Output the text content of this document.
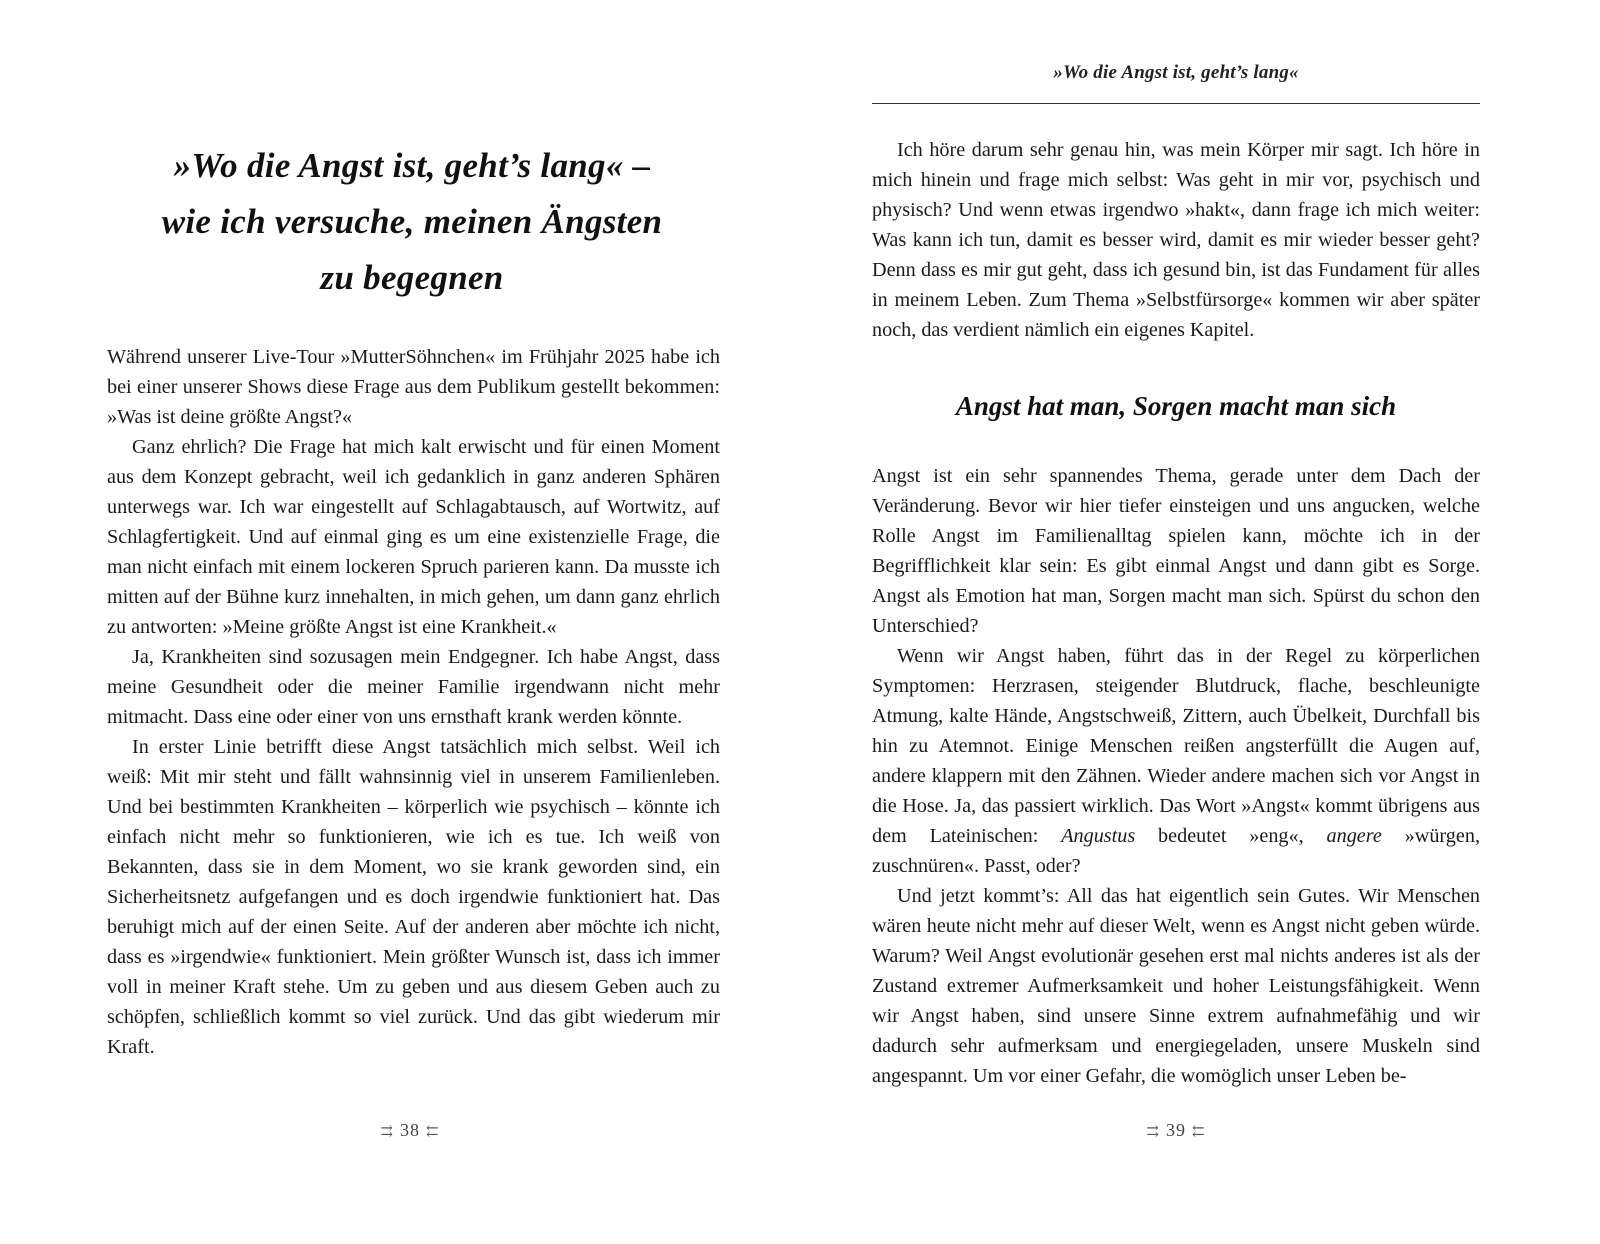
»Wo die Angst ist, geht’s lang« –
wie ich versuche, meinen Ängsten
zu begegnen

Während unserer Live-Tour »MutterSöhnchen« im Frühjahr 2025 habe ich bei einer unserer Shows diese Frage aus dem Publikum gestellt bekommen: »Was ist deine größte Angst?«

Ganz ehrlich? Die Frage hat mich kalt erwischt und für einen Moment aus dem Konzept gebracht, weil ich gedanklich in ganz anderen Sphären unterwegs war. Ich war eingestellt auf Schlagabtausch, auf Wortwitz, auf Schlagfertigkeit. Und auf einmal ging es um eine existenzielle Frage, die man nicht einfach mit einem lockeren Spruch parieren kann. Da musste ich mitten auf der Bühne kurz innehalten, in mich gehen, um dann ganz ehrlich zu antworten: »Meine größte Angst ist eine Krankheit.«

Ja, Krankheiten sind sozusagen mein Endgegner. Ich habe Angst, dass meine Gesundheit oder die meiner Familie irgendwann nicht mehr mitmacht. Dass eine oder einer von uns ernsthaft krank werden könnte.

In erster Linie betrifft diese Angst tatsächlich mich selbst. Weil ich weiß: Mit mir steht und fällt wahnsinnig viel in unserem Familienleben. Und bei bestimmten Krankheiten – körperlich wie psychisch – könnte ich einfach nicht mehr so funktionieren, wie ich es tue. Ich weiß von Bekannten, dass sie in dem Moment, wo sie krank geworden sind, ein Sicherheitsnetz aufgefangen und es doch irgendwie funktioniert hat. Das beruhigt mich auf der einen Seite. Auf der anderen aber möchte ich nicht, dass es »irgendwie« funktioniert. Mein größter Wunsch ist, dass ich immer voll in meiner Kraft stehe. Um zu geben und aus diesem Geben auch zu schöpfen, schließlich kommt so viel zurück. Und das gibt wiederum mir Kraft.

⇉ 38 ⇇
»Wo die Angst ist, geht’s lang«

Ich höre darum sehr genau hin, was mein Körper mir sagt. Ich höre in mich hinein und frage mich selbst: Was geht in mir vor, psychisch und physisch? Und wenn etwas irgendwo »hakt«, dann frage ich mich weiter: Was kann ich tun, damit es besser wird, damit es mir wieder besser geht? Denn dass es mir gut geht, dass ich gesund bin, ist das Fundament für alles in meinem Leben. Zum Thema »Selbstfürsorge« kommen wir aber später noch, das verdient nämlich ein eigenes Kapitel.

Angst hat man, Sorgen macht man sich

Angst ist ein sehr spannendes Thema, gerade unter dem Dach der Veränderung. Bevor wir hier tiefer einsteigen und uns angucken, welche Rolle Angst im Familienalltag spielen kann, möchte ich in der Begrifflichkeit klar sein: Es gibt einmal Angst und dann gibt es Sorge. Angst als Emotion hat man, Sorgen macht man sich. Spürst du schon den Unterschied?

Wenn wir Angst haben, führt das in der Regel zu körperlichen Symptomen: Herzrasen, steigender Blutdruck, flache, beschleunigte Atmung, kalte Hände, Angstschweiß, Zittern, auch Übelkeit, Durchfall bis hin zu Atemnot. Einige Menschen reißen angsterfüllt die Augen auf, andere klappern mit den Zähnen. Wieder andere machen sich vor Angst in die Hose. Ja, das passiert wirklich. Das Wort »Angst« kommt übrigens aus dem Lateinischen: Angustus bedeutet »eng«, angere »würgen, zuschnüren«. Passt, oder?

Und jetzt kommt’s: All das hat eigentlich sein Gutes. Wir Menschen wären heute nicht mehr auf dieser Welt, wenn es Angst nicht geben würde. Warum? Weil Angst evolutionär gesehen erst mal nichts anderes ist als der Zustand extremer Aufmerksamkeit und hoher Leistungsfähigkeit. Wenn wir Angst haben, sind unsere Sinne extrem aufnahmefähig und wir dadurch sehr aufmerksam und energiegeladen, unsere Muskeln sind angespannt. Um vor einer Gefahr, die womöglich unser Leben be-

⇉ 39 ⇇
